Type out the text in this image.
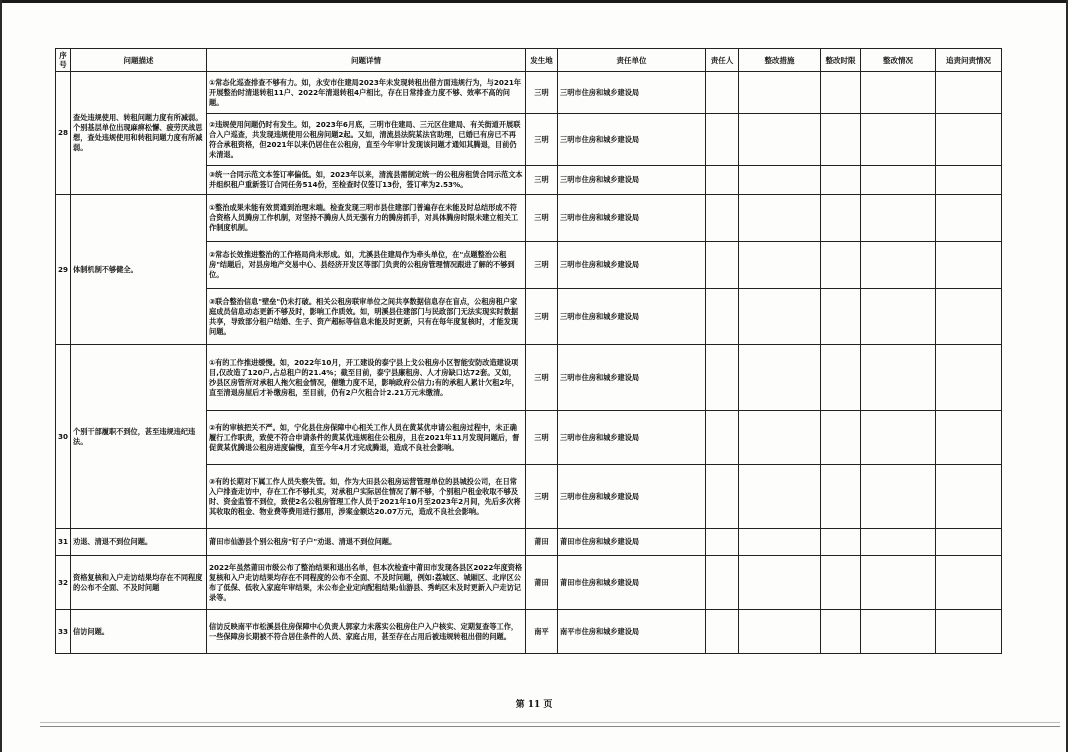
序号	问题描述	问题详情	发生地	责任单位	责任人	整改措施	整改时限	整改情况	追责问责情况
28	查处违规使用、转租问题力度有所减弱。个别基层单位出现麻痹松懈、疲劳厌战思想，查处违规使用和转租问题力度有所减弱。	①常态化巡查排查不够有力。如，永安市住建局2023年未发现转租出借方面违规行为，与2021年开展整治时清退转租11户、2022年清退转租4户相比，存在日常排查力度不够、效率不高的问题。	三明	三明市住房和城乡建设局					
		②违规使用问题仍时有发生。如，2023年6月底，三明市住建局、三元区住建局、有关街道开展联合入户巡查，共发现违规使用公租房问题2起。又如，清流县法院某法官助理，已婚已有房已不再符合承租资格，但2021年以来仍居住在公租房，直至今年审计发现该问题才通知其腾退，目前仍未清退。	三明	三明市住房和城乡建设局					
		③统一合同示范文本签订率偏低。如，2023年以来，清流县需制定统一的公租房租赁合同示范文本并组织租户重新签订合同任务514份，至检查时仅签订13份，签订率为2.53%。	三明	三明市住房和城乡建设局					
29	体制机制不够健全。	①整治成果未能有效贯通到治理末端。检查发现三明市县住建部门普遍存在未能及时总结形成不符合资格人员腾房工作机制，对坚持不腾房人员无强有力的腾房抓手，对具体腾房时限未建立相关工作制度机制。	三明	三明市住房和城乡建设局					
		②常态长效推进整治的工作格局尚未形成。如，尤溪县住建局作为牵头单位，在"点题整治公租房"结题后，对县房地产交易中心、县经济开发区等部门负责的公租房管理情况跟进了解的不够到位。	三明	三明市住房和城乡建设局					
		③联合整治信息"壁垒"仍未打破。相关公租房联审单位之间共享数据信息存在盲点，公租房租户家庭成员信息动态更新不够及时，影响工作质效。如，明溪县住建部门与民政部门无法实现实时数据共享，导致部分租户结婚、生子、资产超标等信息未能及时更新，只有在每年度复核时，才能发现问题。	三明	三明市住房和城乡建设局					
30	个别干部履职不到位，甚至违规违纪违法。	①有的工作推进缓慢。如，2022年10月，开工建设的泰宁县上戈公租房小区智能安防改造建设项目,仅改造了120户,占总租户的21.4%；截至目前，泰宁县廉租房、人才房缺口达72套。又如，沙县区房管所对承租人拖欠租金情况，催缴力度不足，影响政府公信力;有的承租人累计欠租2年，直至清退房屋后才补缴房租，至目前，仍有2户欠租合计2.21万元未缴清。	三明	三明市住房和城乡建设局					
		②有的审核把关不严。如，宁化县住房保障中心相关工作人员在黄某优申请公租房过程中，未正确履行工作职责，致使不符合申请条件的黄某优违规租住公租房，且在2021年11月发现问题后，督促黄某优腾退公租房进度偏慢，直至今年4月才完成腾退，造成不良社会影响。	三明	三明市住房和城乡建设局					
		③有的长期对下属工作人员失察失管。如，作为大田县公租房运营管理单位的县城投公司，在日常入户排查走访中，存在工作不够扎实，对承租户实际居住情况了解不够，个别租户租金收取不够及时、资金监管不到位，致使2名公租房管理工作人员于2021年10月至2023年2月间，先后多次将其收取的租金、物业费等费用进行挪用，涉案金额达20.07万元，造成不良社会影响。	三明	三明市住房和城乡建设局					
31	劝退、清退不到位问题。	莆田市仙游县个别公租房"钉子户"劝退、清退不到位问题。	莆田	莆田市住房和城乡建设局					
32	资格复核和入户走访结果均存在不同程度的公布不全面、不及时问题	2022年虽然莆田市级公布了整治结果和退出名单，但本次检查中莆田市发现各县区2022年度资格复核和入户走访结果均存在不同程度的公布不全面、不及时问题，例如:荔城区、城厢区、北岸区公布了低保、低收入家庭年审结果，未公布企业定向配租结果;仙游县、秀屿区未及时更新入户走访记录等。	莆田	莆田市住房和城乡建设局					
33	信访问题。	信访反映南平市松溪县住房保障中心负责人郭家力未落实公租房住户入户核实、定期复查等工作，一些保障房长期被不符合居住条件的人员、家庭占用，甚至存在占用后被违规转租出借的问题。	南平	南平市住房和城乡建设局					
第 11 页
